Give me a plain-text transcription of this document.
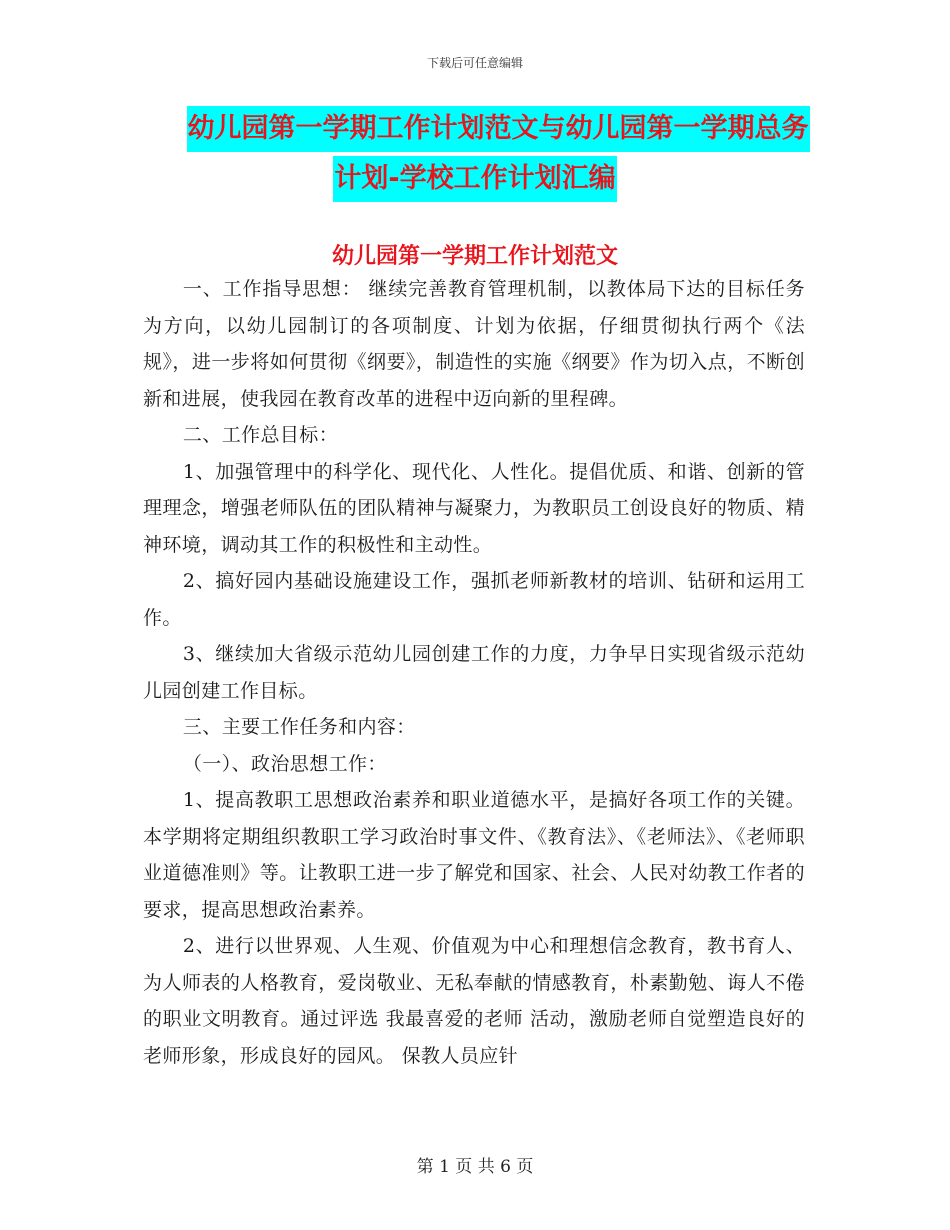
下载后可任意编辑
幼儿园第一学期工作计划范文与幼儿园第一学期总务
计划-学校工作计划汇编
幼儿园第一学期工作计划范文

一、工作指导思想： 继续完善教育管理机制，以教体局下达的目标任务为方向，以幼儿园制订的各项制度、计划为依据，仔细贯彻执行两个《法规》，进一步将如何贯彻《纲要》，制造性的实施《纲要》作为切入点，不断创新和进展，使我园在教育改革的进程中迈向新的里程碑。

二、工作总目标：

1、加强管理中的科学化、现代化、人性化。提倡优质、和谐、创新的管理理念，增强老师队伍的团队精神与凝聚力，为教职员工创设良好的物质、精神环境，调动其工作的积极性和主动性。

2、搞好园内基础设施建设工作，强抓老师新教材的培训、钻研和运用工作。

3、继续加大省级示范幼儿园创建工作的力度，力争早日实现省级示范幼儿园创建工作目标。

三、主要工作任务和内容：

（一）、政治思想工作：

1、提高教职工思想政治素养和职业道德水平，是搞好各项工作的关键。本学期将定期组织教职工学习政治时事文件、《教育法》、《老师法》、《老师职业道德准则》等。让教职工进一步了解党和国家、社会、人民对幼教工作者的要求，提高思想政治素养。

2、进行以世界观、人生观、价值观为中心和理想信念教育，教书育人、为人师表的人格教育，爱岗敬业、无私奉献的情感教育，朴素勤勉、诲人不倦的职业文明教育。通过评选 我最喜爱的老师 活动，激励老师自觉塑造良好的老师形象，形成良好的园风。 保教人员应针

第 1 页 共 6 页
